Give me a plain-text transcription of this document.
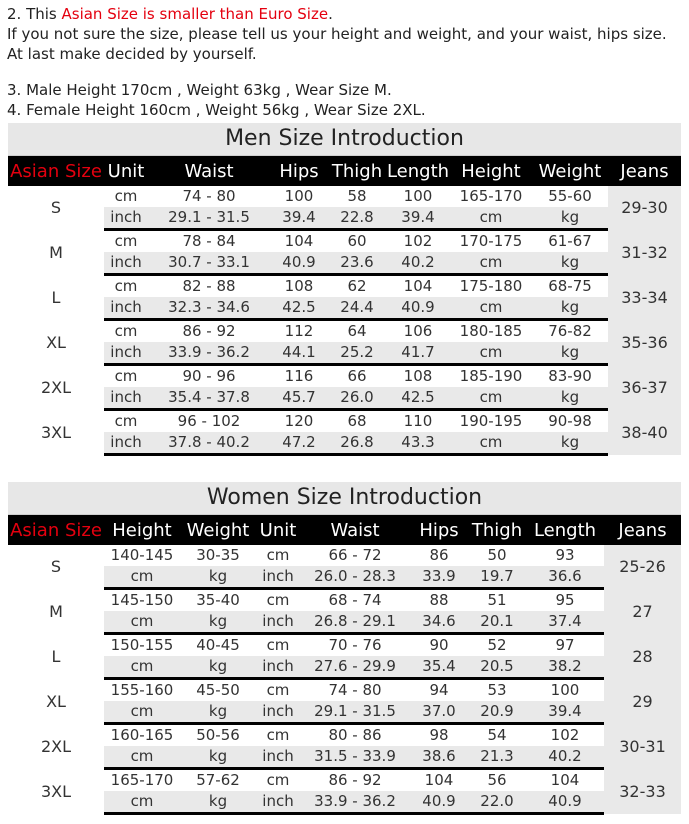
2. This Asian Size is smaller than Euro Size.

If you not sure the size, please tell us your height and weight, and your waist, hips size.

At last make decided by yourself.

3. Male Height 170cm , Weight 63kg , Wear Size M.

4. Female Height 160cm , Weight 56kg , Wear Size 2XL.

Men Size Introduction
Asian Size	Unit	Waist	Hips	Thigh	Length	Height	Weight	Jeans
S	cm	74 - 80	100	58	100	165-170	55-60	29-30
	inch	29.1 - 31.5	39.4	22.8	39.4	cm	kg	
M	cm	78 - 84	104	60	102	170-175	61-67	31-32
	inch	30.7 - 33.1	40.9	23.6	40.2	cm	kg	
L	cm	82 - 88	108	62	104	175-180	68-75	33-34
	inch	32.3 - 34.6	42.5	24.4	40.9	cm	kg	
XL	cm	86 - 92	112	64	106	180-185	76-82	35-36
	inch	33.9 - 36.2	44.1	25.2	41.7	cm	kg	
2XL	cm	90 - 96	116	66	108	185-190	83-90	36-37
	inch	35.4 - 37.8	45.7	26.0	42.5	cm	kg	
3XL	cm	96 - 102	120	68	110	190-195	90-98	38-40
	inch	37.8 - 40.2	47.2	26.8	43.3	cm	kg	
Women Size Introduction
Asian Size	Height	Weight	Unit	Waist	Hips	Thigh	Length	Jeans
S	140-145	30-35	cm	66 - 72	86	50	93	25-26
	cm	kg	inch	26.0 - 28.3	33.9	19.7	36.6	
M	145-150	35-40	cm	68 - 74	88	51	95	27
	cm	kg	inch	26.8 - 29.1	34.6	20.1	37.4	
L	150-155	40-45	cm	70 - 76	90	52	97	28
	cm	kg	inch	27.6 - 29.9	35.4	20.5	38.2	
XL	155-160	45-50	cm	74 - 80	94	53	100	29
	cm	kg	inch	29.1 - 31.5	37.0	20.9	39.4	
2XL	160-165	50-56	cm	80 - 86	98	54	102	30-31
	cm	kg	inch	31.5 - 33.9	38.6	21.3	40.2	
3XL	165-170	57-62	cm	86 - 92	104	56	104	32-33
	cm	kg	inch	33.9 - 36.2	40.9	22.0	40.9	
